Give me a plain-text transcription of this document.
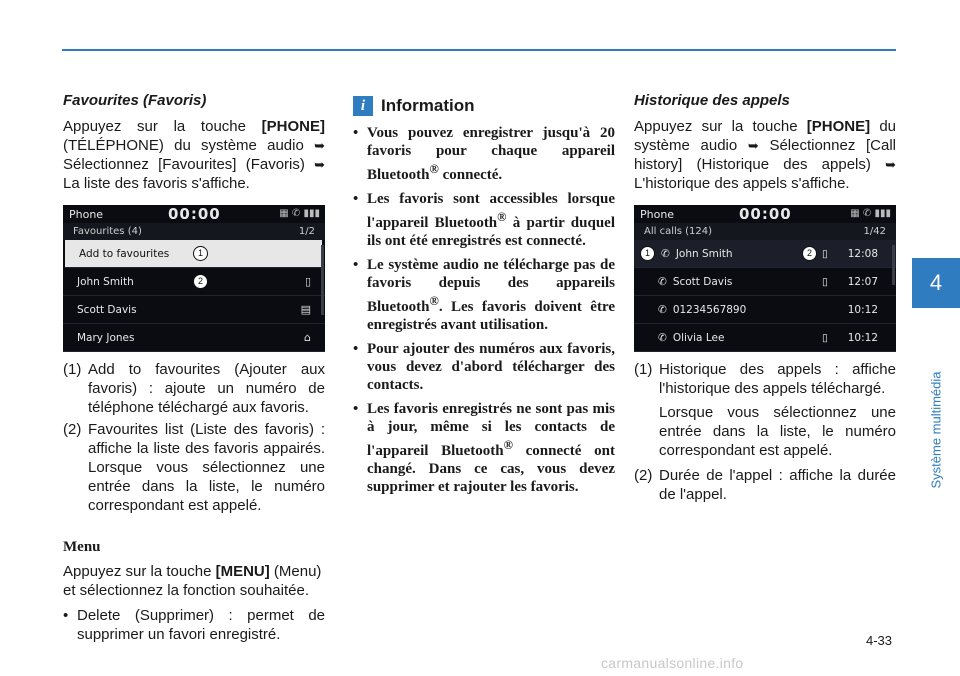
Favourites (Favoris)

Appuyez sur la touche [PHONE] (TÉLÉPHONE) du système audio ➥ Sélectionnez [Favourites] (Favoris) ➥ La liste des favoris s'affiche.

Phone	00:00	▦ ✆ ▮▮▮
Favourites (4)	1/2
Add to favourites	1
John Smith	2	▯
Scott Davis	▤
Mary Jones	⌂
(1) Add to favourites (Ajouter aux favoris) : ajoute un numéro de téléphone téléchargé aux favoris.
(2) Favourites list (Liste des favoris) : affiche la liste des favoris appairés. Lorsque vous sélectionnez une entrée dans la liste, le numéro correspondant est appelé.
Menu

Appuyez sur la touche [MENU] (Menu) et sélectionnez la fonction souhaitée.

• Delete (Supprimer) : permet de supprimer un favori enregistré.
i Information
• Vous pouvez enregistrer jusqu'à 20 favoris pour chaque appareil Bluetooth® connecté.
• Les favoris sont accessibles lorsque l'appareil Bluetooth® à partir duquel ils ont été enregistrés est connecté.
• Le système audio ne télécharge pas de favoris depuis des appareils Bluetooth®. Les favoris doivent être enregistrés avant utilisation.
• Pour ajouter des numéros aux favoris, vous devez d'abord télécharger des contacts.
• Les favoris enregistrés ne sont pas mis à jour, même si les contacts de l'appareil Bluetooth® connecté ont changé. Dans ce cas, vous devez supprimer et rajouter les favoris.
Historique des appels

Appuyez sur la touche [PHONE] du système audio ➥ Sélectionnez [Call history] (Historique des appels) ➥ L'historique des appels s'affiche.

Phone	00:00	▦ ✆ ▮▮▮
All calls (124)	1/42
1	✆ John Smith	2 ▯ 12:08
✆ Scott Davis	▯ 12:07
✆ 01234567890	10:12
✆ Olivia Lee	▯ 10:12
(1) Historique des appels : affiche l'historique des appels téléchargé.

Lorsque vous sélectionnez une entrée dans la liste, le numéro correspondant est appelé.
(2) Durée de l'appel : affiche la durée de l'appel.
4
Système multimédia
4-33
carmanualsonline.info
